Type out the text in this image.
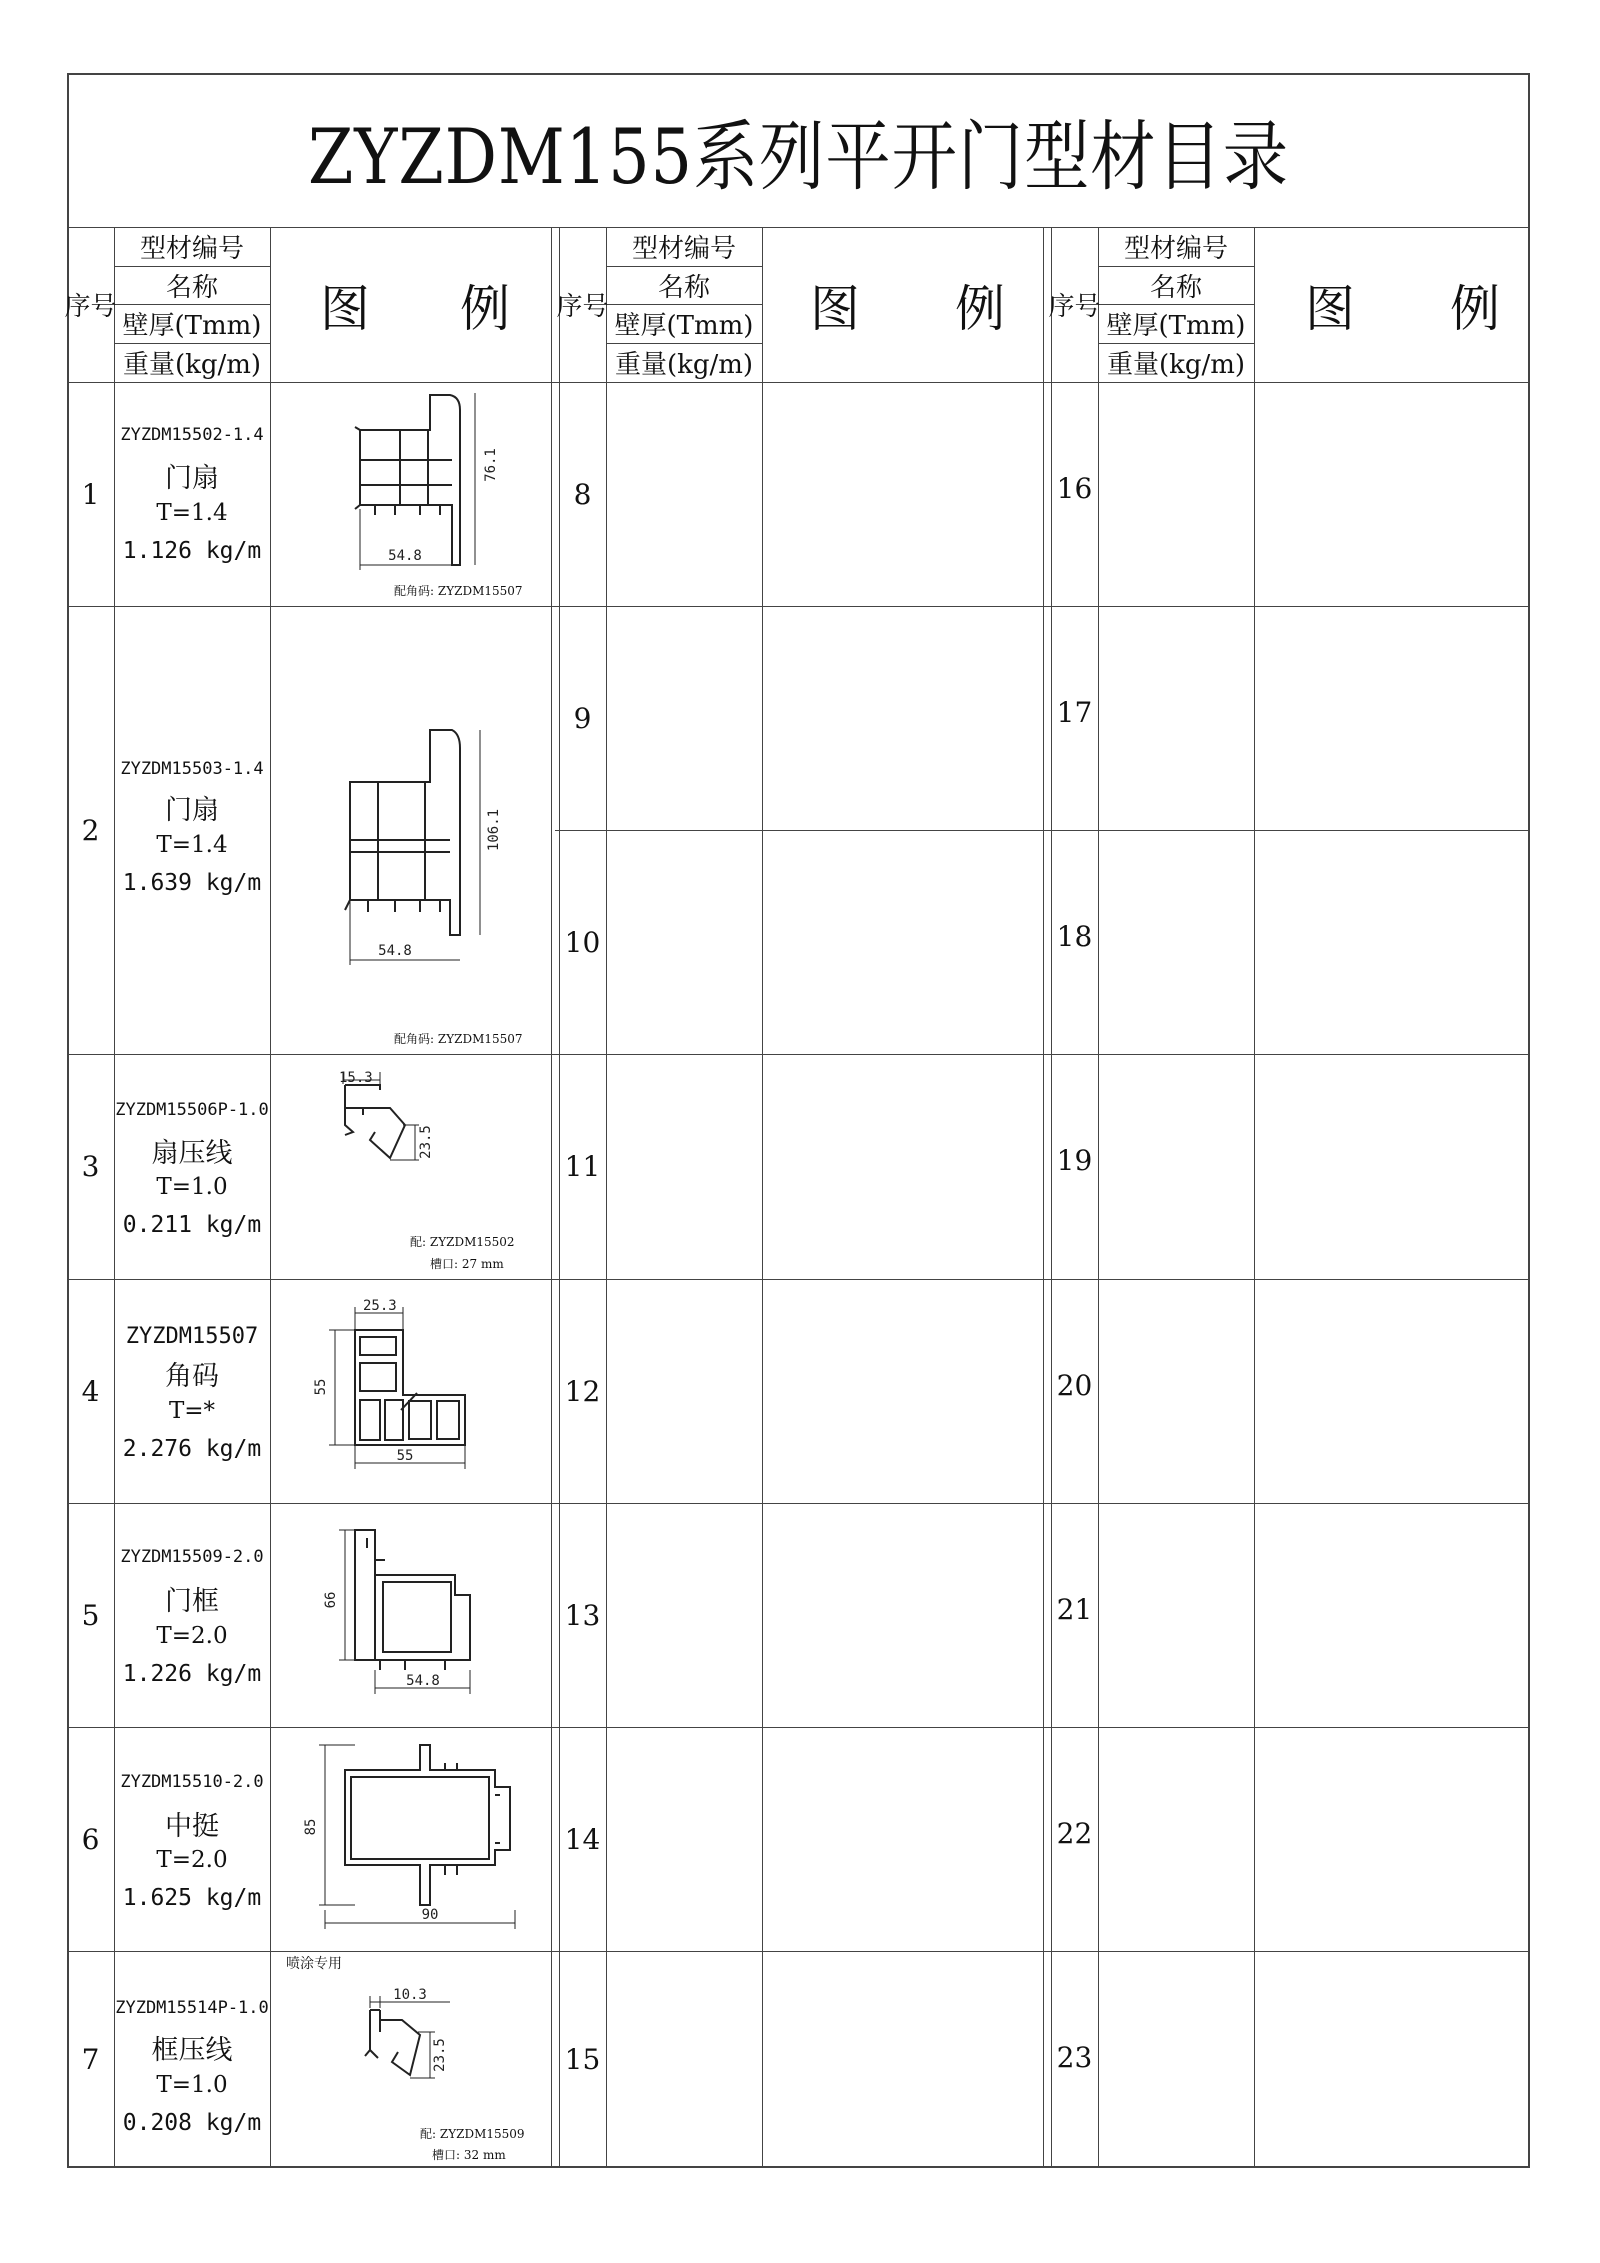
ZYZDM155系列平开门型材目录
序号
型材编号
名称
壁厚(Tmm)
重量(kg/m)
图 例	序号
型材编号
名称
壁厚(Tmm)
重量(kg/m)
图 例	序号
型材编号
名称
壁厚(Tmm)
重量(kg/m)
图 例
1
ZYZDM15502-1.4
门扇
T=1.4
1.126 kg/m
76.1
54.8
配角码: ZYZDM15507
2
ZYZDM15503-1.4
门扇
T=1.4
1.639 kg/m
106.1
54.8
配角码: ZYZDM15507
3
ZYZDM15506P-1.0
扇压线
T=1.0
0.211 kg/m
15.3
23.5
配: ZYZDM15502
槽口: 27 mm
4
ZYZDM15507
角码
T=*
2.276 kg/m
25.3
55
55
5
ZYZDM15509-2.0
门框
T=2.0
1.226 kg/m
66
54.8
6
ZYZDM15510-2.0
中挺
T=2.0
1.625 kg/m
85
90
喷涂专用
7
ZYZDM15514P-1.0
框压线
T=1.0
0.208 kg/m
10.3
23.5
配: ZYZDM15509
槽口: 32 mm
8
9
10
11
12
13
14
15
16
17
18
19
20
21
22
23
